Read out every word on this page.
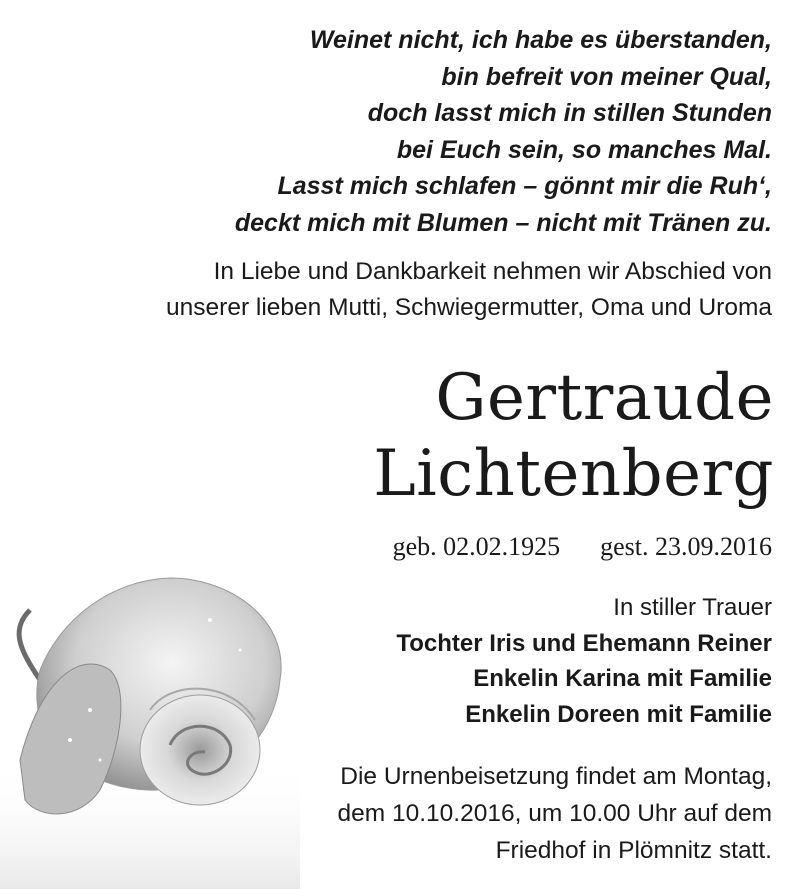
Weinet nicht, ich habe es überstanden,
bin befreit von meiner Qual,
doch lasst mich in stillen Stunden
bei Euch sein, so manches Mal.
Lasst mich schlafen – gönnt mir die Ruh‘,
deckt mich mit Blumen – nicht mit Tränen zu.
In Liebe und Dankbarkeit nehmen wir Abschied von
unserer lieben Mutti, Schwiegermutter, Oma und Uroma
Gertraude
Lichtenberg
geb. 02.02.1925 gest. 23.09.2016
In stiller Trauer
Tochter Iris und Ehemann Reiner
Enkelin Karina mit Familie
Enkelin Doreen mit Familie
Die Urnenbeisetzung findet am Montag,
dem 10.10.2016, um 10.00 Uhr auf dem
Friedhof in Plömnitz statt.
